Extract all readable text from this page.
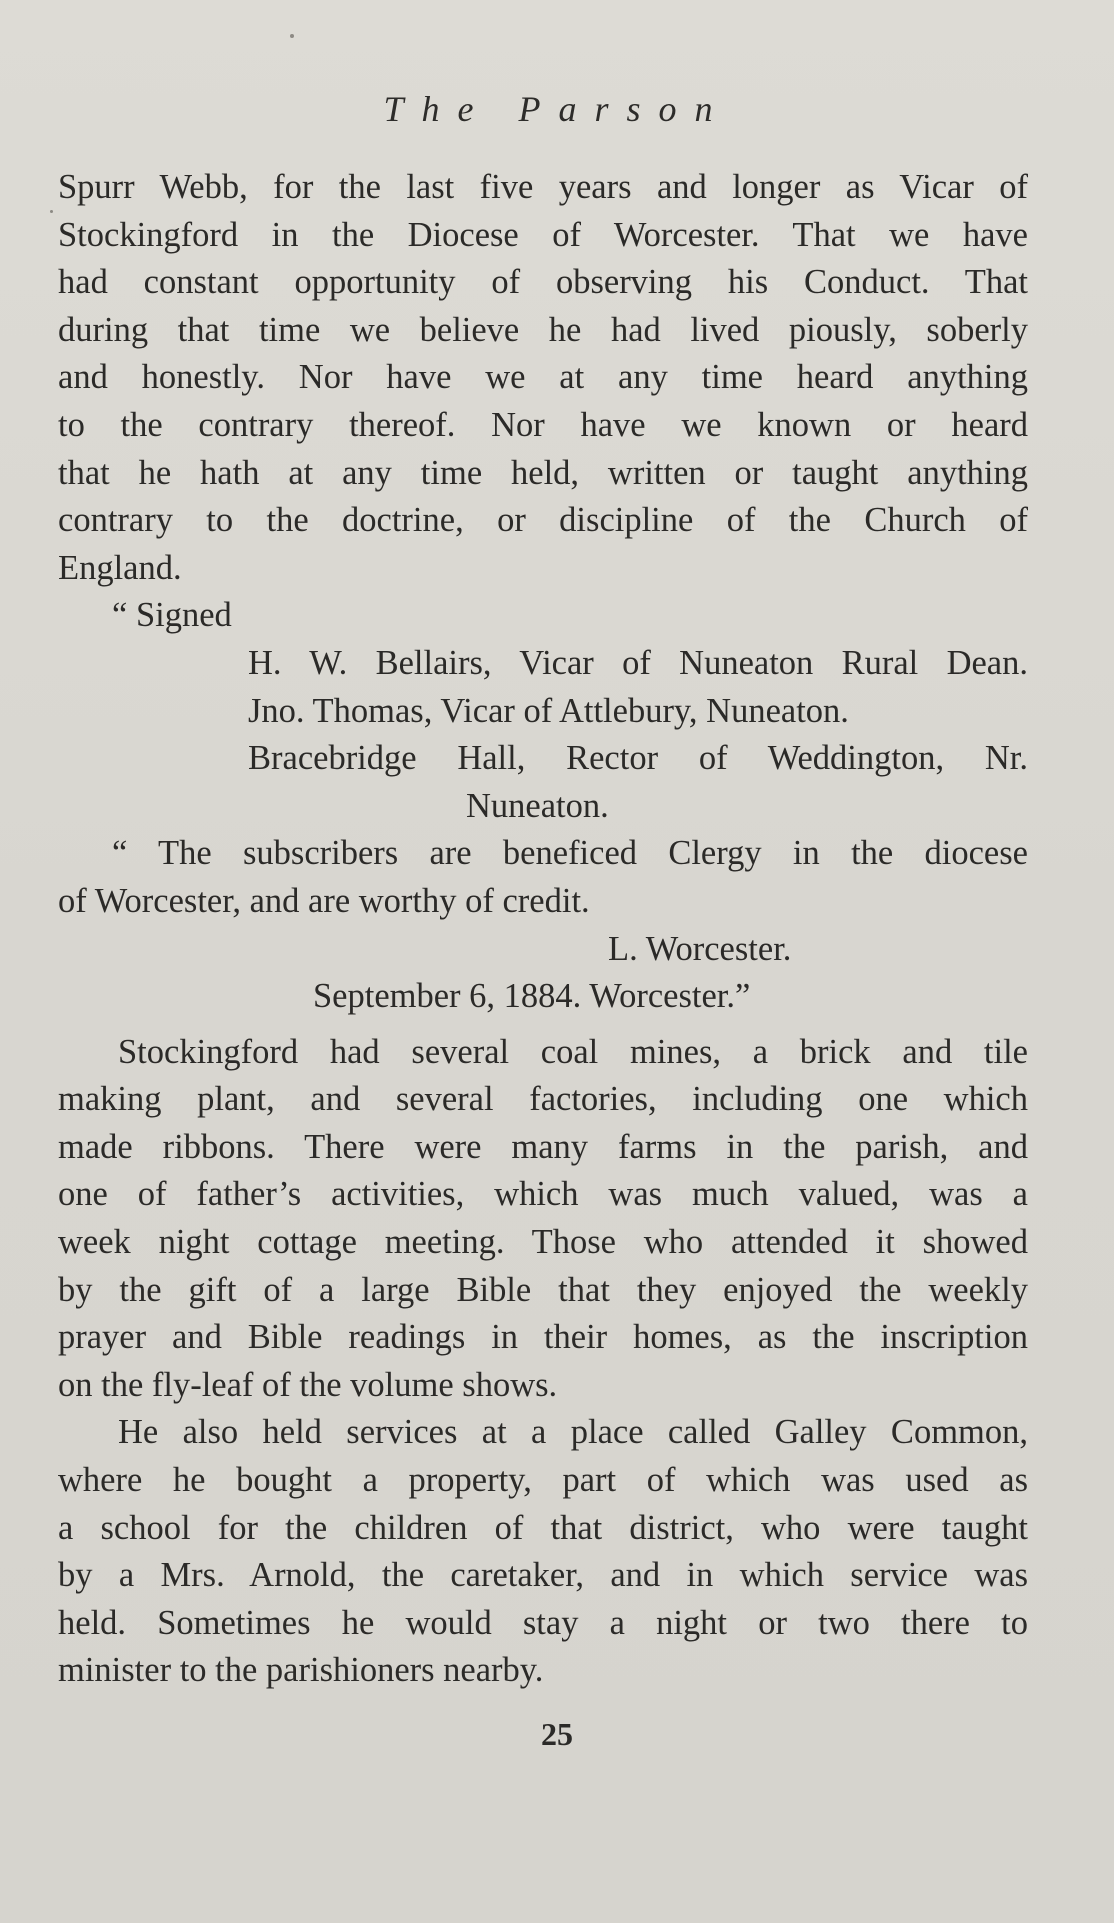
The Parson

Spurr Webb, for the last five years and longer as Vicar of

Stockingford in the Diocese of Worcester. That we have

had constant opportunity of observing his Conduct. That

during that time we believe he had lived piously, soberly

and honestly. Nor have we at any time heard anything

to the contrary thereof. Nor have we known or heard

that he hath at any time held, written or taught anything

contrary to the doctrine, or discipline of the Church of

England.

“ Signed

H. W. Bellairs, Vicar of Nuneaton Rural Dean.

Jno. Thomas, Vicar of Attlebury, Nuneaton.

Bracebridge Hall, Rector of Weddington, Nr.

Nuneaton.

“ The subscribers are beneficed Clergy in the diocese

of Worcester, and are worthy of credit.

L. Worcester.

September 6, 1884. Worcester.”

Stockingford had several coal mines, a brick and tile

making plant, and several factories, including one which

made ribbons. There were many farms in the parish, and

one of father’s activities, which was much valued, was a

week night cottage meeting. Those who attended it showed

by the gift of a large Bible that they enjoyed the weekly

prayer and Bible readings in their homes, as the inscription

on the fly-leaf of the volume shows.

He also held services at a place called Galley Common,

where he bought a property, part of which was used as

a school for the children of that district, who were taught

by a Mrs. Arnold, the caretaker, and in which service was

held. Sometimes he would stay a night or two there to

minister to the parishioners nearby.

25
